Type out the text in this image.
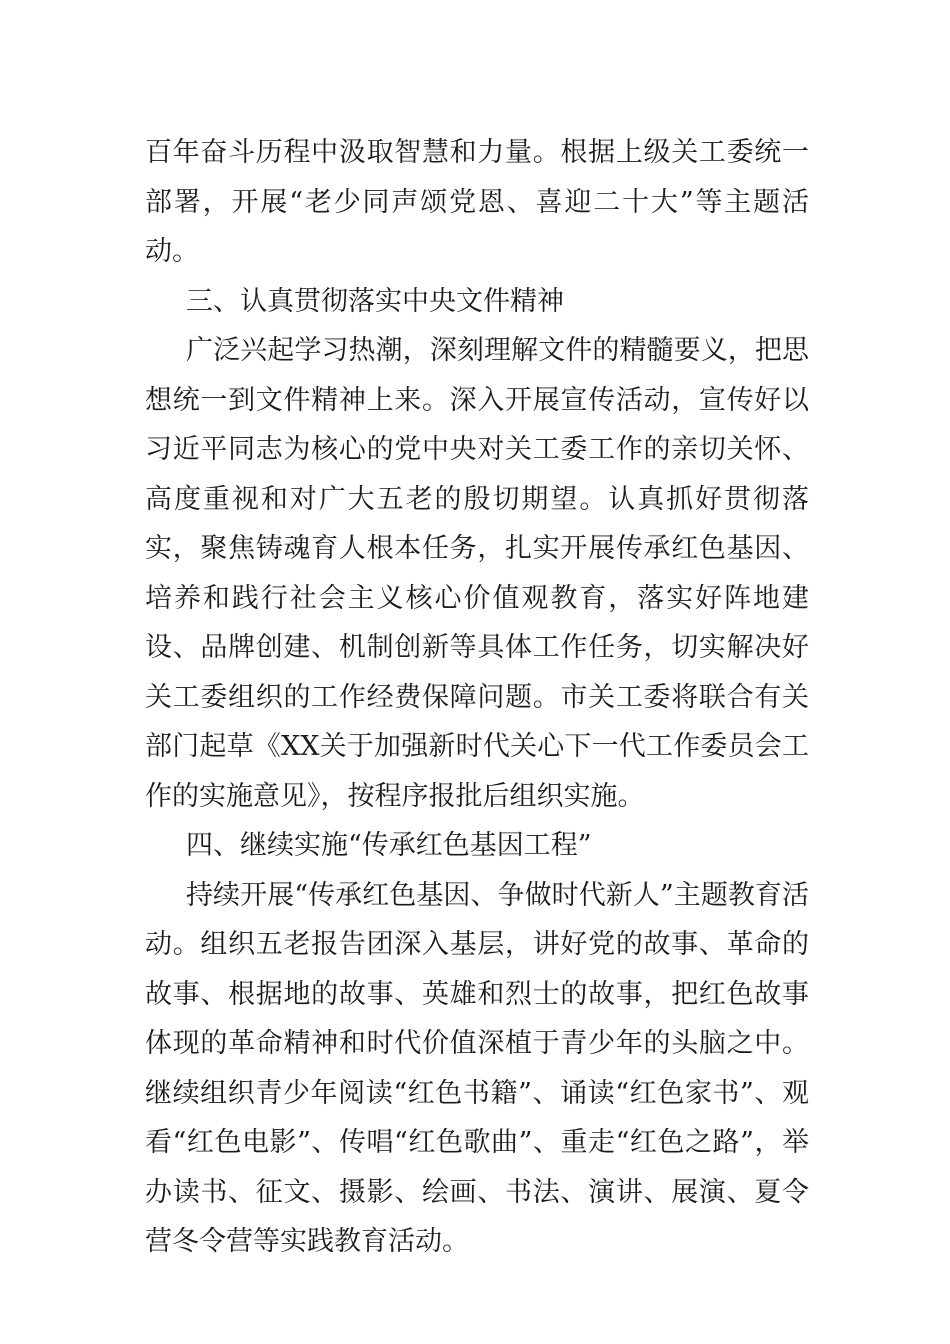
百年奋斗历程中汲取智慧和力量。根据上级关工委统一部署，开展“老少同声颂党恩、喜迎二十大”等主题活动。

三、认真贯彻落实中央文件精神

广泛兴起学习热潮，深刻理解文件的精髓要义，把思想统一到文件精神上来。深入开展宣传活动，宣传好以习近平同志为核心的党中央对关工委工作的亲切关怀、高度重视和对广大五老的殷切期望。认真抓好贯彻落实，聚焦铸魂育人根本任务，扎实开展传承红色基因、培养和践行社会主义核心价值观教育，落实好阵地建设、品牌创建、机制创新等具体工作任务，切实解决好关工委组织的工作经费保障问题。市关工委将联合有关部门起草《XX关于加强新时代关心下一代工作委员会工作的实施意见》，按程序报批后组织实施。

四、继续实施“传承红色基因工程”

持续开展“传承红色基因、争做时代新人”主题教育活动。组织五老报告团深入基层，讲好党的故事、革命的故事、根据地的故事、英雄和烈士的故事，把红色故事体现的革命精神和时代价值深植于青少年的头脑之中。继续组织青少年阅读“红色书籍”、诵读“红色家书”、观看“红色电影”、传唱“红色歌曲”、重走“红色之路”，举办读书、征文、摄影、绘画、书法、演讲、展演、夏令营冬令营等实践教育活动。
